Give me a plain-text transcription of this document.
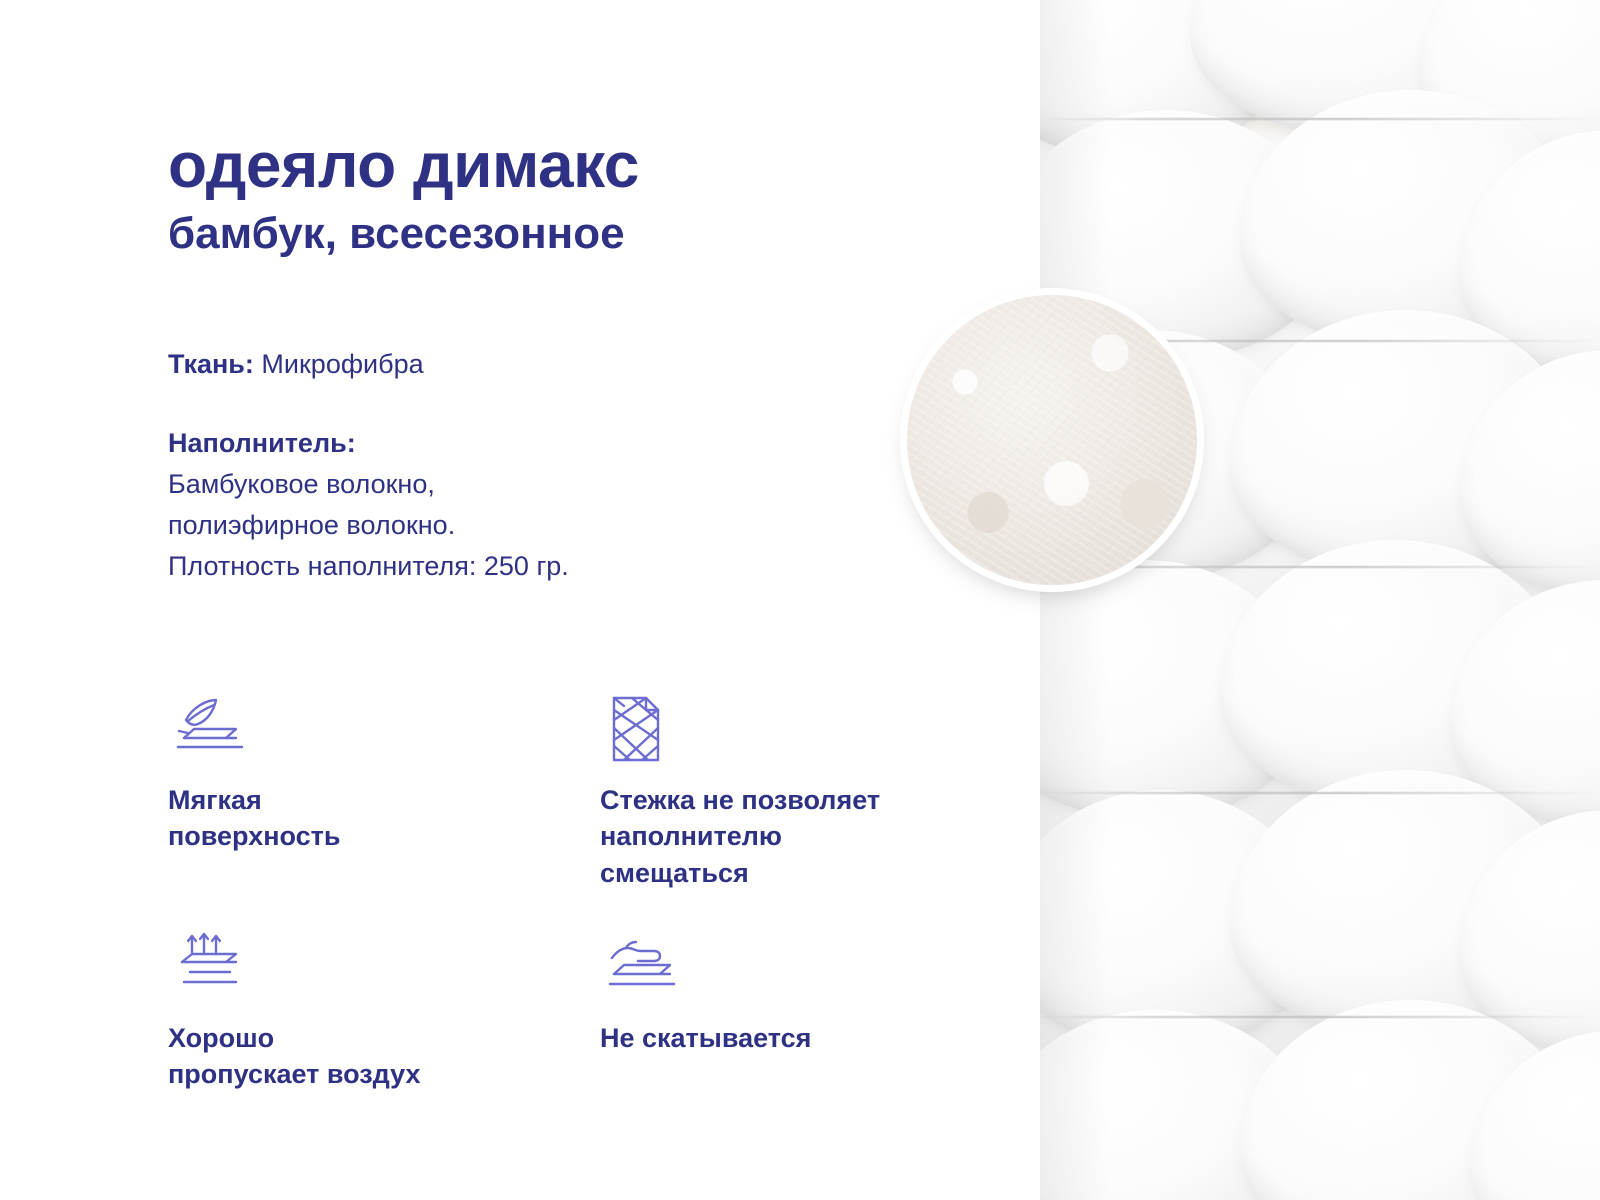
одеяло димакс
бамбук, всесезонное
Ткань: Микрофибра
Наполнитель:
Бамбуковое волокно,
полиэфирное волокно.
Плотность наполнителя: 250 гр.
Мягкая
поверхность
Стежка не позволяет
наполнителю
смещаться
Хорошо
пропускает воздух
Не скатывается
